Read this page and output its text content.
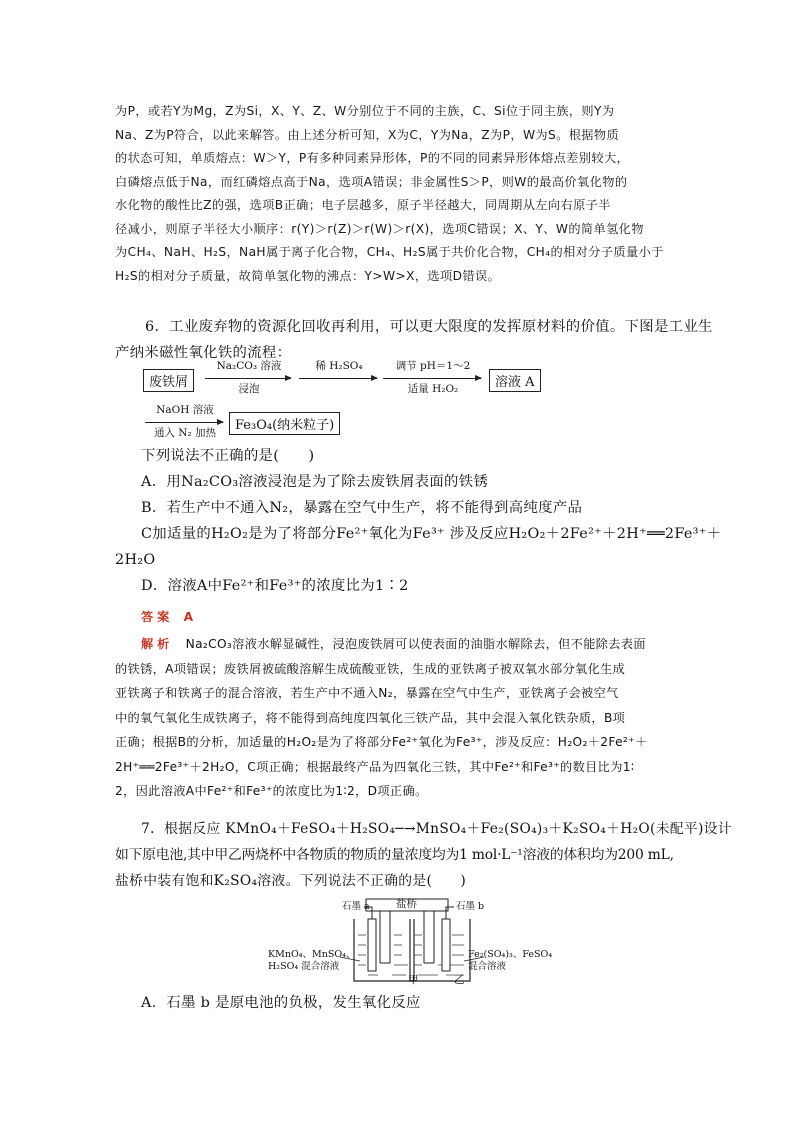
为P，或若Y为Mg，Z为Si，X、Y、Z、W分别位于不同的主族，C、Si位于同主族，则Y为
Na、Z为P符合，以此来解答。由上述分析可知，X为C，Y为Na，Z为P，W为S。根据物质
的状态可知，单质熔点：W＞Y，P有多种同素异形体，P的不同的同素异形体熔点差别较大，
白磷熔点低于Na，而红磷熔点高于Na，选项A错误；非金属性S＞P，则W的最高价氧化物的
水化物的酸性比Z的强，选项B正确；电子层越多，原子半径越大，同周期从左向右原子半
径减小，则原子半径大小顺序：r(Y)＞r(Z)＞r(W)＞r(X)，选项C错误；X、Y、W的简单氢化物
为CH₄、NaH、H₂S，NaH属于离子化合物，CH₄、H₂S属于共价化合物，CH₄的相对分子质量小于
H₂S的相对分子质量，故简单氢化物的沸点：Y>W>X，选项D错误。
6．工业废弃物的资源化回收再利用，可以更大限度的发挥原材料的价值。下图是工业生
产纳米磁性氧化铁的流程：
废铁屑
Na₂CO₃ 溶液
浸泡
稀 H₂SO₄	调节 pH＝1～2
适量 H₂O₂	溶液 A
NaOH 溶液
通入 N₂ 加热	Fe₃O₄(纳米粒子)
下列说法不正确的是(　　)
A．用Na₂CO₃溶液浸泡是为了除去废铁屑表面的铁锈
B．若生产中不通入N₂，暴露在空气中生产，将不能得到高纯度产品
C加适量的H₂O₂是为了将部分Fe²⁺氧化为Fe³⁺ 涉及反应H₂O₂＋2Fe²⁺＋2H⁺══2Fe³⁺＋
2H₂O
D．溶液A中Fe²⁺和Fe³⁺的浓度比为1∶2
答案 A
解析 Na₂CO₃溶液水解显碱性，浸泡废铁屑可以使表面的油脂水解除去，但不能除去表面
的铁锈，A项错误；废铁屑被硫酸溶解生成硫酸亚铁，生成的亚铁离子被双氧水部分氧化生成
亚铁离子和铁离子的混合溶液，若生产中不通入N₂，暴露在空气中生产，亚铁离子会被空气
中的氧气氧化生成铁离子，将不能得到高纯度四氧化三铁产品，其中会混入氧化铁杂质，B项
正确；根据B的分析，加适量的H₂O₂是为了将部分Fe²⁺氧化为Fe³⁺，涉及反应：H₂O₂＋2Fe²⁺＋
2H⁺══2Fe³⁺＋2H₂O，C项正确；根据最终产品为四氧化三铁，其中Fe²⁺和Fe³⁺的数目比为1∶
2，因此溶液A中Fe²⁺和Fe³⁺的浓度比为1∶2，D项正确。
7．根据反应 KMnO₄＋FeSO₄＋H₂SO₄─→MnSO₄＋Fe₂(SO₄)₃＋K₂SO₄＋H₂O(未配平)设计
如下原电池,其中甲乙两烧杯中各物质的物质的量浓度均为1 mol·L⁻¹溶液的体积均为200 mL,
盐桥中装有饱和K₂SO₄溶液。下列说法不正确的是(　　)
石墨 a	盐桥	石墨 b
KMnO₄、MnSO₄、
H₂SO₄ 混合溶液
Fe₂(SO₄)₃、FeSO₄
混合溶液
甲	乙
A．石墨 b 是原电池的负极，发生氧化反应
